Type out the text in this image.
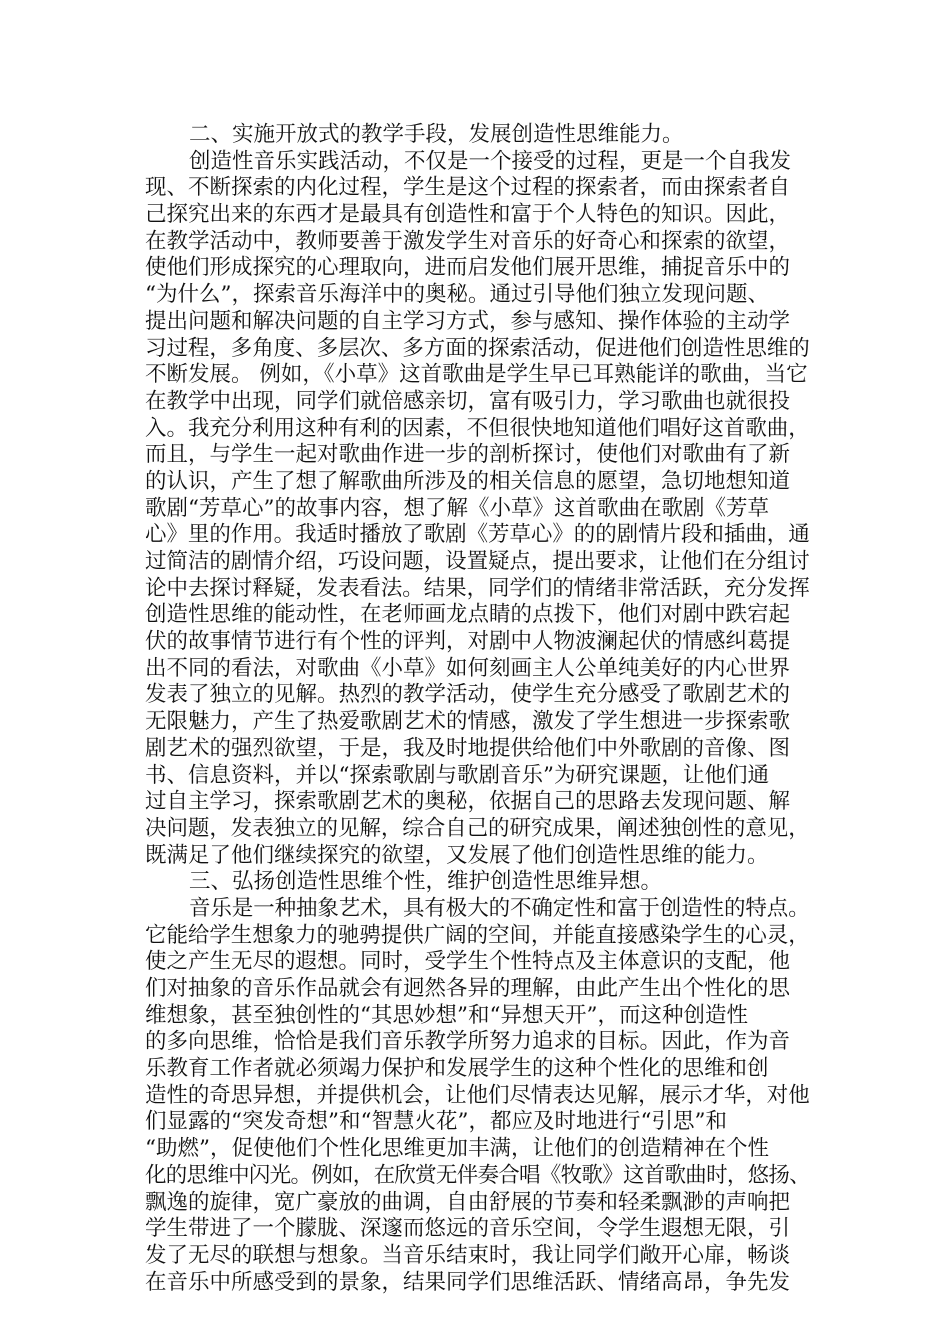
二、实施开放式的教学手段，发展创造性思维能力。
创造性音乐实践活动，不仅是一个接受的过程，更是一个自我发
现、不断探索的内化过程，学生是这个过程的探索者，而由探索者自
己探究出来的东西才是最具有创造性和富于个人特色的知识。因此，
在教学活动中，教师要善于激发学生对音乐的好奇心和探索的欲望，
使他们形成探究的心理取向，进而启发他们展开思维，捕捉音乐中的
“为什么”，探索音乐海洋中的奥秘。通过引导他们独立发现问题、
提出问题和解决问题的自主学习方式，参与感知、操作体验的主动学
习过程，多角度、多层次、多方面的探索活动，促进他们创造性思维的
不断发展。 例如，《小草》这首歌曲是学生早已耳熟能详的歌曲，当它
在教学中出现，同学们就倍感亲切，富有吸引力，学习歌曲也就很投
入。我充分利用这种有利的因素，不但很快地知道他们唱好这首歌曲，
而且，与学生一起对歌曲作进一步的剖析探讨，使他们对歌曲有了新
的认识，产生了想了解歌曲所涉及的相关信息的愿望，急切地想知道
歌剧“芳草心”的故事内容，想了解《小草》这首歌曲在歌剧《芳草
心》里的作用。我适时播放了歌剧《芳草心》的的剧情片段和插曲，通
过简洁的剧情介绍，巧设问题，设置疑点，提出要求，让他们在分组讨
论中去探讨释疑，发表看法。结果，同学们的情绪非常活跃，充分发挥
创造性思维的能动性，在老师画龙点睛的点拨下，他们对剧中跌宕起
伏的故事情节进行有个性的评判，对剧中人物波澜起伏的情感纠葛提
出不同的看法，对歌曲《小草》如何刻画主人公单纯美好的内心世界
发表了独立的见解。热烈的教学活动，使学生充分感受了歌剧艺术的
无限魅力，产生了热爱歌剧艺术的情感，激发了学生想进一步探索歌
剧艺术的强烈欲望，于是，我及时地提供给他们中外歌剧的音像、图
书、信息资料，并以“探索歌剧与歌剧音乐”为研究课题，让他们通
过自主学习，探索歌剧艺术的奥秘，依据自己的思路去发现问题、解
决问题，发表独立的见解，综合自己的研究成果，阐述独创性的意见，
既满足了他们继续探究的欲望，又发展了他们创造性思维的能力。
三、弘扬创造性思维个性，维护创造性思维异想。
音乐是一种抽象艺术，具有极大的不确定性和富于创造性的特点。
它能给学生想象力的驰骋提供广阔的空间，并能直接感染学生的心灵，
使之产生无尽的遐想。同时，受学生个性特点及主体意识的支配，他
们对抽象的音乐作品就会有迥然各异的理解，由此产生出个性化的思
维想象，甚至独创性的“其思妙想”和“异想天开”，而这种创造性
的多向思维，恰恰是我们音乐教学所努力追求的目标。因此，作为音
乐教育工作者就必须竭力保护和发展学生的这种个性化的思维和创
造性的奇思异想，并提供机会，让他们尽情表达见解，展示才华，对他
们显露的“突发奇想”和“智慧火花”，都应及时地进行“引思”和
“助燃”，促使他们个性化思维更加丰满，让他们的创造精神在个性
化的思维中闪光。例如，在欣赏无伴奏合唱《牧歌》这首歌曲时，悠扬、
飘逸的旋律，宽广豪放的曲调，自由舒展的节奏和轻柔飘渺的声响把
学生带进了一个朦胧、深邃而悠远的音乐空间，令学生遐想无限，引
发了无尽的联想与想象。当音乐结束时，我让同学们敞开心扉，畅谈
在音乐中所感受到的景象，结果同学们思维活跃、情绪高昂，争先发
